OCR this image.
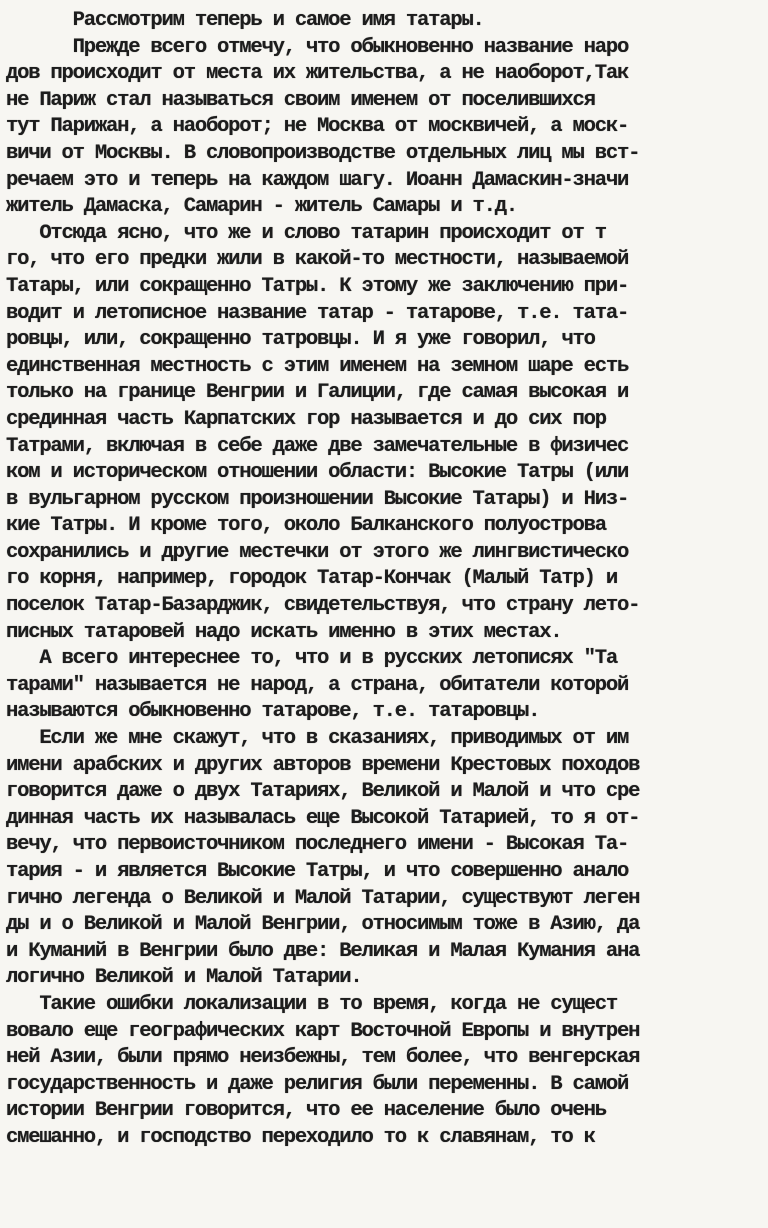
Рассмотрим теперь и самое имя татары.
Прежде всего отмечу, что обыкновенно название наро
дов происходит от места их жительства, а не наоборот,Так
не Париж стал называться своим именем от поселившихся
тут Парижан, а наоборот; не Москва от москвичей, а моск-
вичи от Москвы. В словопроизводстве отдельных лиц мы вст-
речаем это и теперь на каждом шагу. Иоанн Дамаскин-значи
житель Дамаска, Самарин - житель Самары и т.д.
Отсюда ясно, что же и слово татарин происходит от т
го, что его предки жили в какой-то местности, называемой
Татары, или сокращенно Татры. К этому же заключению при-
водит и летописное название татар - татарове, т.е. тата-
ровцы, или, сокращенно татровцы. И я уже говорил, что
единственная местность с этим именем на земном шаре есть
только на границе Венгрии и Галиции, где самая высокая и
срединная часть Карпатских гор называется и до сих пор
Татрами, включая в себе даже две замечательные в физичес
ком и историческом отношении области: Высокие Татры (или
в вульгарном русском произношении Высокие Татары) и Низ-
кие Татры. И кроме того, около Балканского полуострова
сохранились и другие местечки от этого же лингвистическо
го корня, например, городок Татар-Кончак (Малый Татр) и
поселок Татар-Базарджик, свидетельствуя, что страну лето-
писных татаровей надо искать именно в этих местах.
А всего интереснее то, что и в русских летописях "Та
тарами" называется не народ, а страна, обитатели которой
называются обыкновенно татарове, т.е. татаровцы.
Если же мне скажут, что в сказаниях, приводимых от им
имени арабских и других авторов времени Крестовых походов
говорится даже о двух Татариях, Великой и Малой и что сре
динная часть их называлась еще Высокой Татарией, то я от-
вечу, что первоисточником последнего имени - Высокая Та-
тария - и является Высокие Татры, и что совершенно анало
гично легенда о Великой и Малой Татарии, существуют леген
ды и о Великой и Малой Венгрии, относимым тоже в Азию, да
и Куманий в Венгрии было две: Великая и Малая Кумания ана
логично Великой и Малой Татарии.
Такие ошибки локализации в то время, когда не сущест
вовало еще географических карт Восточной Европы и внутрен
ней Азии, были прямо неизбежны, тем более, что венгерская
государственность и даже религия были переменны. В самой
истории Венгрии говорится, что ее население было очень
смешанно, и господство переходило то к славянам, то к
